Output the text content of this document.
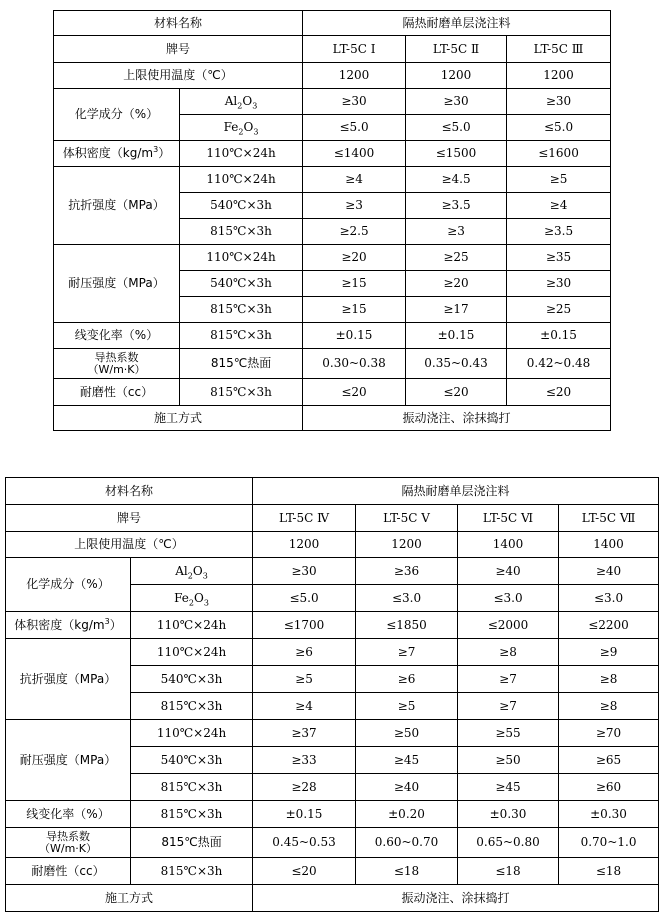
材料名称		隔热耐磨单层浇注料		
牌号		LT-5C Ⅰ	LT-5C Ⅱ	LT-5C Ⅲ
上限使用温度（℃）		1200	1200	1200
化学成分（%）	$Al_2O_3$	≥30	≥30	≥30
	$Fe_2O_3$	≤5.0	≤5.0	≤5.0
体积密度$(kg/m^3)$	110℃×24h	≤1400	≤1500	≤1600
抗折强度（MPa）	110℃×24h	≥4	≥4.5	≥5
	540℃×3h	≥3	≥3.5	≥4
	815℃×3h	≥2.5	≥3	≥3.5
耐压强度（MPa）	110℃×24h	≥20	≥25	≥35
	540℃×3h	≥15	≥20	≥30
	815℃×3h	≥15	≥17	≥25
线变化率（%）	815℃×3h	±0.15	±0.15	±0.15

导热系数
（W/m·K）	815℃热面	0.30~0.38	0.35~0.43	0.42~0.48
耐磨性（cc）	815℃×3h	≤20	≤20	≤20
施工方式		振动浇注、涂抹捣打		
材料名称		隔热耐磨单层浇注料			
牌号		LT-5C Ⅳ	LT-5C Ⅴ	LT-5C Ⅵ	LT-5C Ⅶ
上限使用温度（℃）		1200	1200	1400	1400
化学成分（%）	$Al_2O_3$	≥30	≥36	≥40	≥40
	$Fe_2O_3$	≤5.0	≤3.0	≤3.0	≤3.0
体积密度$(kg/m^3)$	110℃×24h	≤1700	≤1850	≤2000	≤2200
抗折强度（MPa）	110℃×24h	≥6	≥7	≥8	≥9
	540℃×3h	≥5	≥6	≥7	≥8
	815℃×3h	≥4	≥5	≥7	≥8
耐压强度（MPa）	110℃×24h	≥37	≥50	≥55	≥70
	540℃×3h	≥33	≥45	≥50	≥65
	815℃×3h	≥28	≥40	≥45	≥60
线变化率（%）	815℃×3h	±0.15	±0.20	±0.30	±0.30

导热系数
（W/m·K）	815℃热面	0.45~0.53	0.60~0.70	0.65~0.80	0.70~1.0
耐磨性（cc）	815℃×3h	≤20	≤18	≤18	≤18
施工方式		振动浇注、涂抹捣打			
